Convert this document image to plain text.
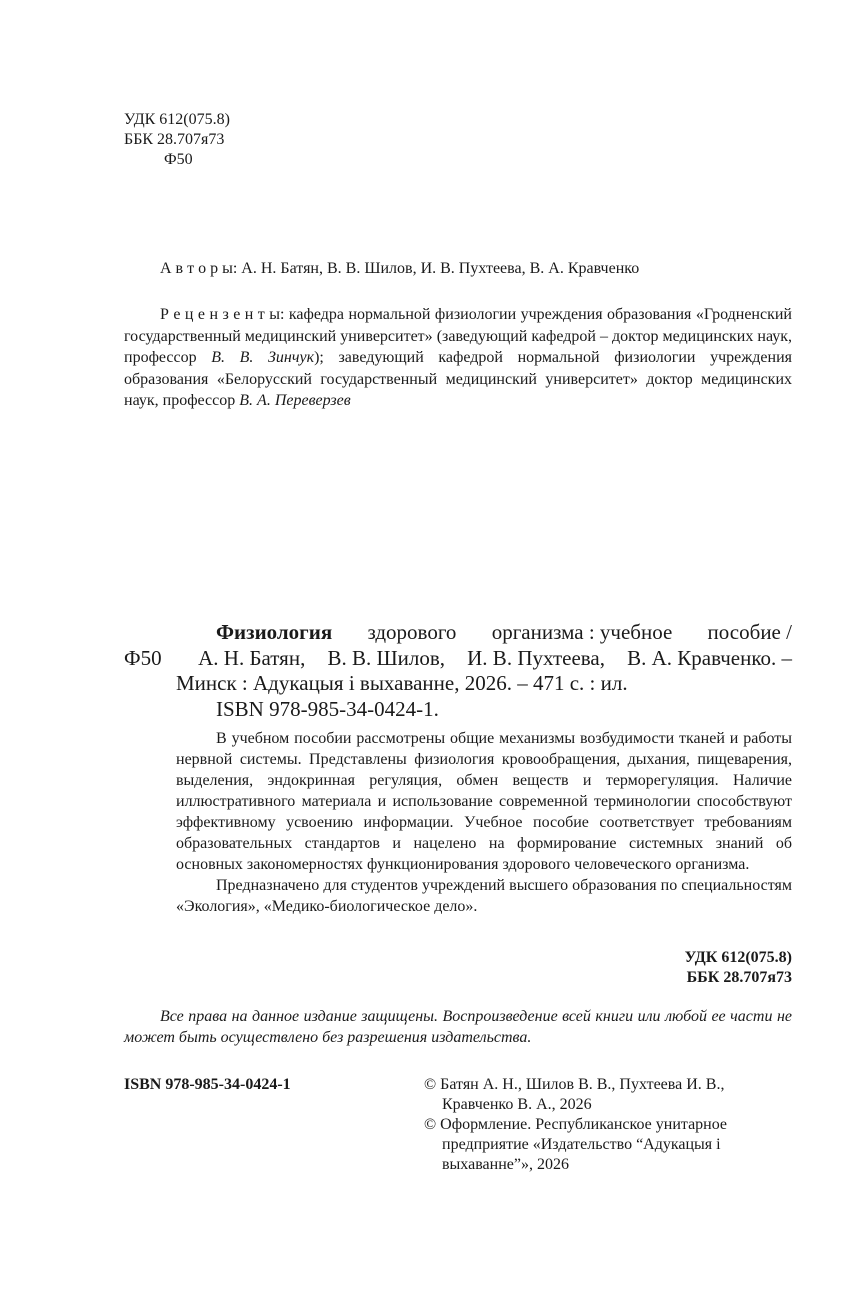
УДК 612(075.8)
ББК 28.707я73
Ф50
А в т о р ы: А. Н. Батян, В. В. Шилов, И. В. Пухтеева, В. А. Кравченко
Р е ц е н з е н т ы: кафедра нормальной физиологии учреждения образования «Гродненский государственный медицинский университет» (заведующий кафедрой – доктор медицинских наук, профессор В. В. Зинчук); заведующий кафедрой нормальной физиологии учреждения образования «Белорусский государственный медицинский университет» доктор медицинских наук, профессор В. А. Переверзев
Физиология здорового организма : учебное пособие /
Ф50	А. Н. Батян, В. В. Шилов, И. В. Пухтеева, В. А. Кравченко. –
Минск : Адукацыя і выхаванне, 2026. – 471 с. : ил.
ISBN 978-985-34-0424-1.

В учебном пособии рассмотрены общие механизмы возбудимости тканей и работы нервной системы. Представлены физиология кровообращения, дыхания, пищеварения, выделения, эндокринная регуляция, обмен веществ и терморегуляция. Наличие иллюстративного материала и использование современной терминологии способствуют эффективному усвоению информации. Учебное пособие соответствует требованиям образовательных стандартов и нацелено на формирование системных знаний об основных закономерностях функционирования здорового человеческого организма.

Предназначено для студентов учреждений высшего образования по специальностям «Экология», «Медико-биологическое дело».

УДК 612(075.8)
ББК 28.707я73
Все права на данное издание защищены. Воспроизведение всей книги или любой ее части не может быть осуществлено без разрешения издательства.
ISBN 978-985-34-0424-1	© Батян А. Н., Шилов В. В., Пухтеева И. В., Кравченко В. А., 2026
© Оформление. Республиканское унитарное предприятие «Издательство “Адукацыя і выхаванне”», 2026
